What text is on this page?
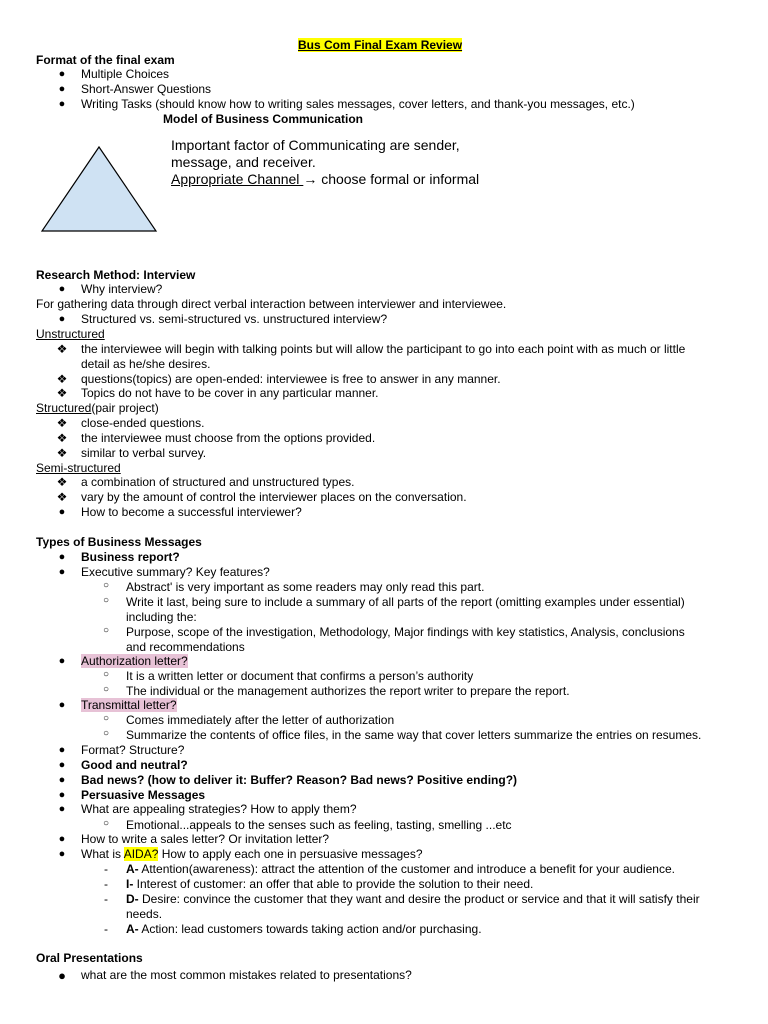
Bus Com Final Exam Review
Format of the final exam
● Multiple Choices
● Short-Answer Questions
● Writing Tasks (should know how to writing sales messages, cover letters, and thank-you messages, etc.)
Model of Business Communication
Important factor of Communicating are sender,
message, and receiver.
Appropriate Channel → choose formal or informal
Research Method: Interview
● Why interview?
For gathering data through direct verbal interaction between interviewer and interviewee.
● Structured vs. semi-structured vs. unstructured interview?
Unstructured
❖ the interviewee will begin with talking points but will allow the participant to go into each point with as much or little
detail as he/she desires.
❖ questions(topics) are open-ended: interviewee is free to answer in any manner.
❖ Topics do not have to be cover in any particular manner.
Structured(pair project)
❖ close-ended questions.
❖ the interviewee must choose from the options provided.
❖ similar to verbal survey.
Semi-structured
❖ a combination of structured and unstructured types.
❖ vary by the amount of control the interviewer places on the conversation.
● How to become a successful interviewer?
Types of Business Messages
● Business report?
● Executive summary? Key features?
○ Abstract' is very important as some readers may only read this part.
○ Write it last, being sure to include a summary of all parts of the report (omitting examples under essential)
including the:
○ Purpose, scope of the investigation, Methodology, Major findings with key statistics, Analysis, conclusions
and recommendations
● Authorization letter?
○ It is a written letter or document that confirms a person’s authority
○ The individual or the management authorizes the report writer to prepare the report.
● Transmittal letter?
○ Comes immediately after the letter of authorization
○ Summarize the contents of office files, in the same way that cover letters summarize the entries on resumes.
● Format? Structure?
● Good and neutral?
● Bad news? (how to deliver it: Buffer? Reason? Bad news? Positive ending?)
● Persuasive Messages
● What are appealing strategies? How to apply them?
○ Emotional...appeals to the senses such as feeling, tasting, smelling ...etc
● How to write a sales letter? Or invitation letter?
● What is AIDA? How to apply each one in persuasive messages?
-	A- Attention(awareness): attract the attention of the customer and introduce a benefit for your audience.
-	I- Interest of customer: an offer that able to provide the solution to their need.
-	D- Desire: convince the customer that they want and desire the product or service and that it will satisfy their
needs.
-	A- Action: lead customers towards taking action and/or purchasing.
Oral Presentations
● what are the most common mistakes related to presentations?
